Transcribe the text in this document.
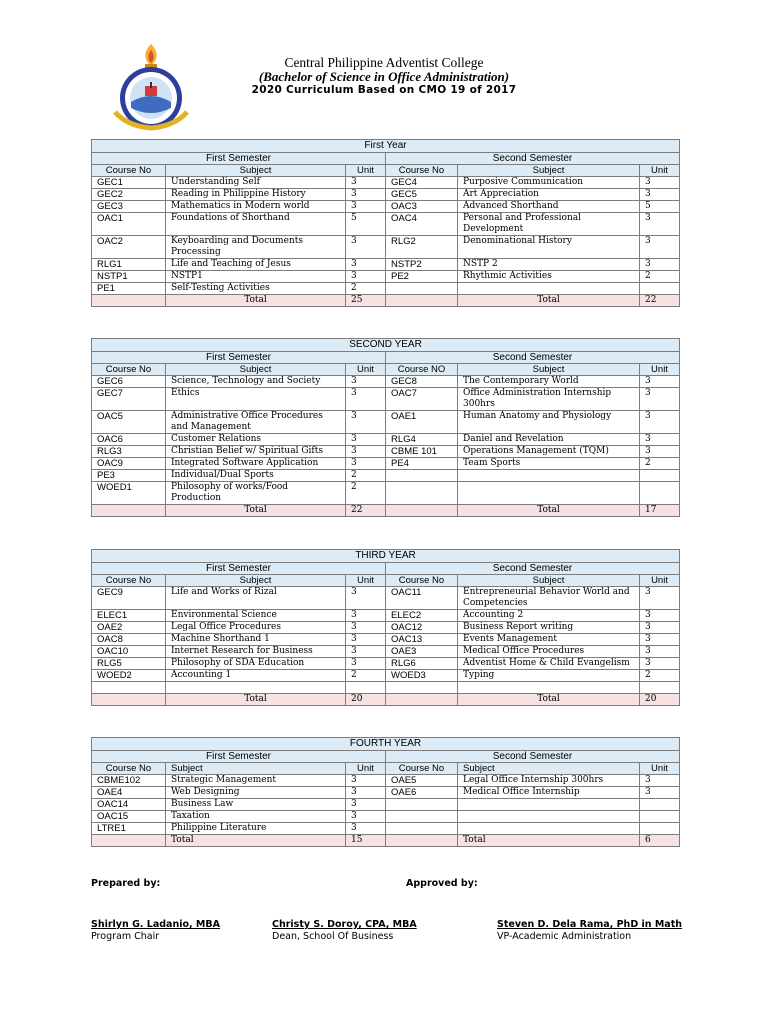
Central Philippine Adventist College
(Bachelor of Science in Office Administration)
2020 Curriculum Based on CMO 19 of 2017
First Year					
First Semester			Second Semester		
Course No	Subject	Unit	Course No	Subject	Unit
GEC1	Understanding Self	3	GEC4	Purposive Communication	3
GEC2	Reading in Philippine History	3	GEC5	Art Appreciation	3
GEC3	Mathematics in Modern world	3	OAC3	Advanced Shorthand	5
OAC1	Foundations of Shorthand	5	OAC4	Personal and Professional Development	3
OAC2	Keyboarding and Documents Processing	3	RLG2	Denominational History	3
RLG1	Life and Teaching of Jesus	3	NSTP2	NSTP 2	3
NSTP1	NSTP1	3	PE2	Rhythmic Activities	2
PE1	Self-Testing Activities	2			
	Total	25		Total	22
SECOND YEAR					
First Semester			Second Semester		
Course No	Subject	Unit	Course NO	Subject	Unit
GEC6	Science, Technology and Society	3	GEC8	The Contemporary World	3
GEC7	Ethics	3	OAC7	Office Administration Internship 300hrs	3
OAC5	Administrative Office Procedures and Management	3	OAE1	Human Anatomy and Physiology	3
OAC6	Customer Relations	3	RLG4	Daniel and Revelation	3
RLG3	Christian Belief w/ Spiritual Gifts	3	CBME 101	Operations Management (TQM)	3
OAC9	Integrated Software Application	3	PE4	Team Sports	2
PE3	Individual/Dual Sports	2			
WOED1	Philosophy of works/Food Production	2			
	Total	22		Total	17
THIRD YEAR					
First Semester			Second Semester		
Course No	Subject	Unit	Course No	Subject	Unit
GEC9	Life and Works of Rizal	3	OAC11	Entrepreneurial Behavior World and Competencies	3
ELEC1	Environmental Science	3	ELEC2	Accounting 2	3
OAE2	Legal Office Procedures	3	OAC12	Business Report writing	3
OAC8	Machine Shorthand 1	3	OAC13	Events Management	3
OAC10	Internet Research for Business	3	OAE3	Medical Office Procedures	3
RLG5	Philosophy of SDA Education	3	RLG6	Adventist Home & Child Evangelism	3
WOED2	Accounting 1	2	WOED3	Typing	2

	Total	20		Total	20
FOURTH YEAR					
First Semester			Second Semester		
Course No	Subject	Unit	Course No	Subject	Unit
CBME102	Strategic Management	3	OAE5	Legal Office Internship 300hrs	3
OAE4	Web Designing	3	OAE6	Medical Office Internship	3
OAC14	Business Law	3			
OAC15	Taxation	3			
LTRE1	Philippine Literature	3			
	Total	15		Total	6
Prepared by:	Approved by:
Shirlyn G. Ladanio, MBA
Program Chair
Christy S. Doroy, CPA, MBA
Dean, School Of Business
Steven D. Dela Rama, PhD in Math
VP-Academic Administration
